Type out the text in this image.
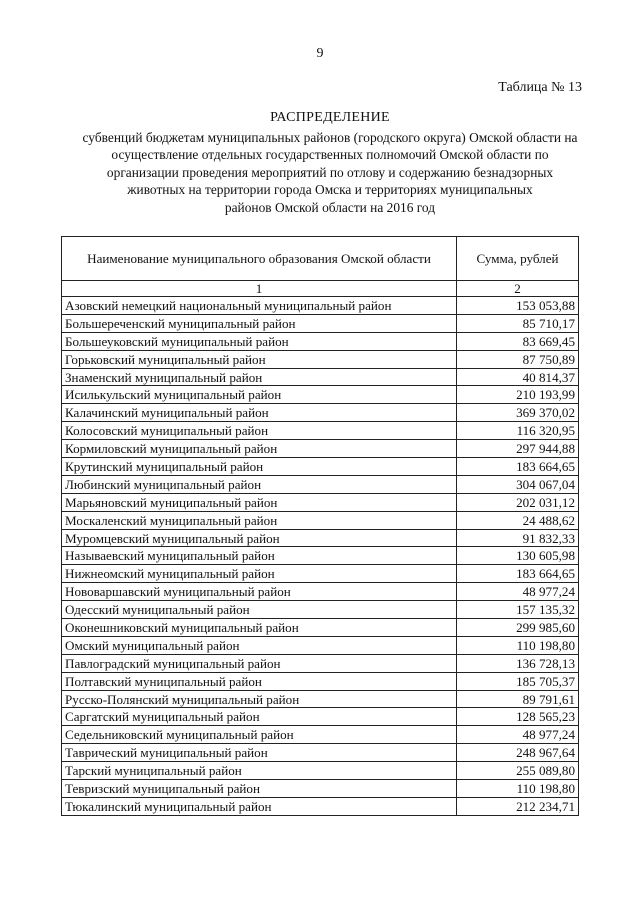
9
Таблица № 13
РАСПРЕДЕЛЕНИЕ
субвенций бюджетам муниципальных районов (городского округа) Омской области на
осуществление отдельных государственных полномочий Омской области по
организации проведения мероприятий по отлову и содержанию безнадзорных
животных на территории города Омска и территориях муниципальных
районов Омской области на 2016 год
Наименование муниципального образования Омской области	Сумма, рублей
1	2
Азовский немецкий национальный муниципальный район	153 053,88
Большереченский муниципальный район	85 710,17
Большеуковский муниципальный район	83 669,45
Горьковский муниципальный район	87 750,89
Знаменский муниципальный район	40 814,37
Исилькульский муниципальный район	210 193,99
Калачинский муниципальный район	369 370,02
Колосовский муниципальный район	116 320,95
Кормиловский муниципальный район	297 944,88
Крутинский муниципальный район	183 664,65
Любинский муниципальный район	304 067,04
Марьяновский муниципальный район	202 031,12
Москаленский муниципальный район	24 488,62
Муромцевский муниципальный район	91 832,33
Называевский муниципальный район	130 605,98
Нижнеомский муниципальный район	183 664,65
Нововаршавский муниципальный район	48 977,24
Одесский муниципальный район	157 135,32
Оконешниковский муниципальный район	299 985,60
Омский муниципальный район	110 198,80
Павлоградский муниципальный район	136 728,13
Полтавский муниципальный район	185 705,37
Русско-Полянский муниципальный район	89 791,61
Саргатский муниципальный район	128 565,23
Седельниковский муниципальный район	48 977,24
Таврический муниципальный район	248 967,64
Тарский муниципальный район	255 089,80
Тевризский муниципальный район	110 198,80
Тюкалинский муниципальный район	212 234,71
